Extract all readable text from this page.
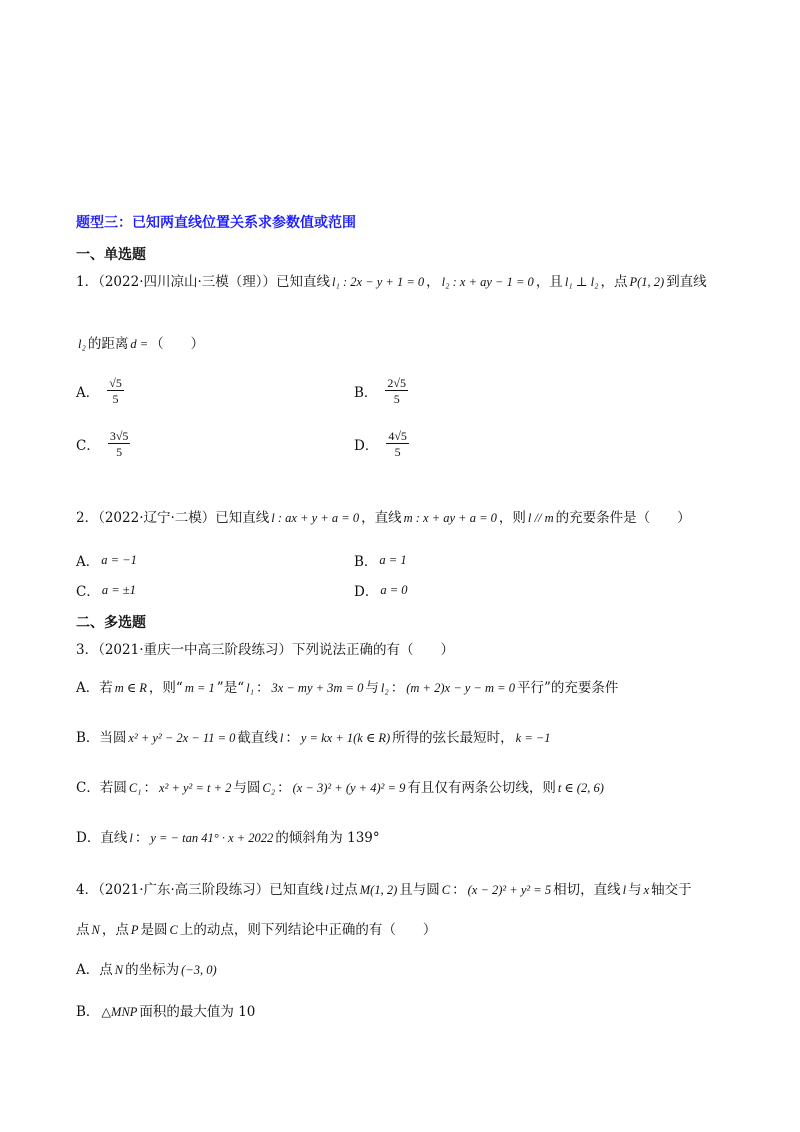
题型三：已知两直线位置关系求参数值或范围
一、单选题
1．（2022·四川凉山·三模（理））已知直线 l₁ : 2x − y + 1 = 0 ， l₂ : x + ay − 1 = 0 ，且 l₁ ⊥ l₂ ，点 P(1, 2) 到直线
l₂ 的距离 d = （　　）
A． $\frac{√5}{5}$	B． $\frac{2√5}{5}$
C． $\frac{3√5}{5}$	D． $\frac{4√5}{5}$
2．（2022·辽宁·二模）已知直线 l : ax + y + a = 0 ，直线 m : x + ay + a = 0 ，则 l // m 的充要条件是（　　）
A． a = −1	B． a = 1
C． a = ±1	D． a = 0
二、多选题
3．（2021·重庆一中高三阶段练习）下列说法正确的有（　　）
A．若 m ∈ R ，则“ m = 1 ”是“ l₁ ： 3x − my + 3m = 0 与 l₂ ： (m + 2)x − y − m = 0 平行”的充要条件
B．当圆 x² + y² − 2x − 11 = 0 截直线 l ： y = kx + 1(k ∈ R) 所得的弦长最短时， k = −1
C．若圆 C₁ ： x² + y² = t + 2 与圆 C₂ ： (x − 3)² + (y + 4)² = 9 有且仅有两条公切线，则 t ∈ (2, 6)
D．直线 l ： y = − tan 41° · x + 2022 的倾斜角为 139°
4．（2021·广东·高三阶段练习）已知直线 l 过点 M(1, 2) 且与圆 C ： (x − 2)² + y² = 5 相切，直线 l 与 x 轴交于
点 N ，点 P 是圆 C 上的动点，则下列结论中正确的有（　　）
A．点 N 的坐标为 (−3, 0)
B． △MNP 面积的最大值为 10
